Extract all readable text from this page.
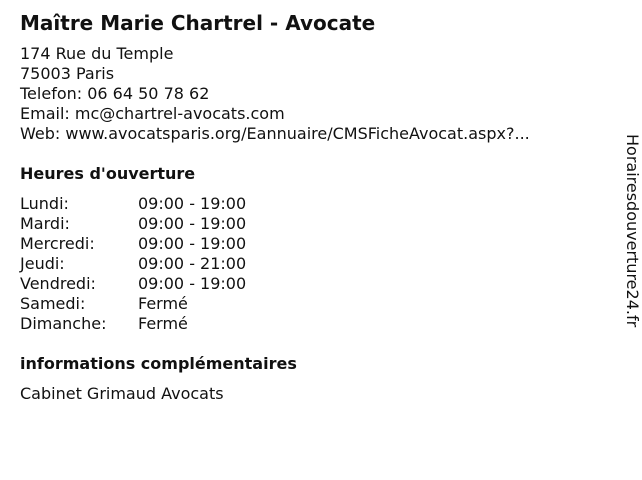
Maître Marie Chartrel - Avocate
174 Rue du Temple
75003 Paris
Telefon: 06 64 50 78 62
Email: mc@chartrel-avocats.com
Web: www.avocatsparis.org/Eannuaire/CMSFicheAvocat.aspx?...
Heures d'ouverture
Lundi:	09:00 - 19:00
Mardi:	09:00 - 19:00
Mercredi:	09:00 - 19:00
Jeudi:	09:00 - 21:00
Vendredi:	09:00 - 19:00
Samedi:	Fermé
Dimanche:	Fermé
informations complémentaires
Cabinet Grimaud Avocats
Horairesdouverture24.fr
